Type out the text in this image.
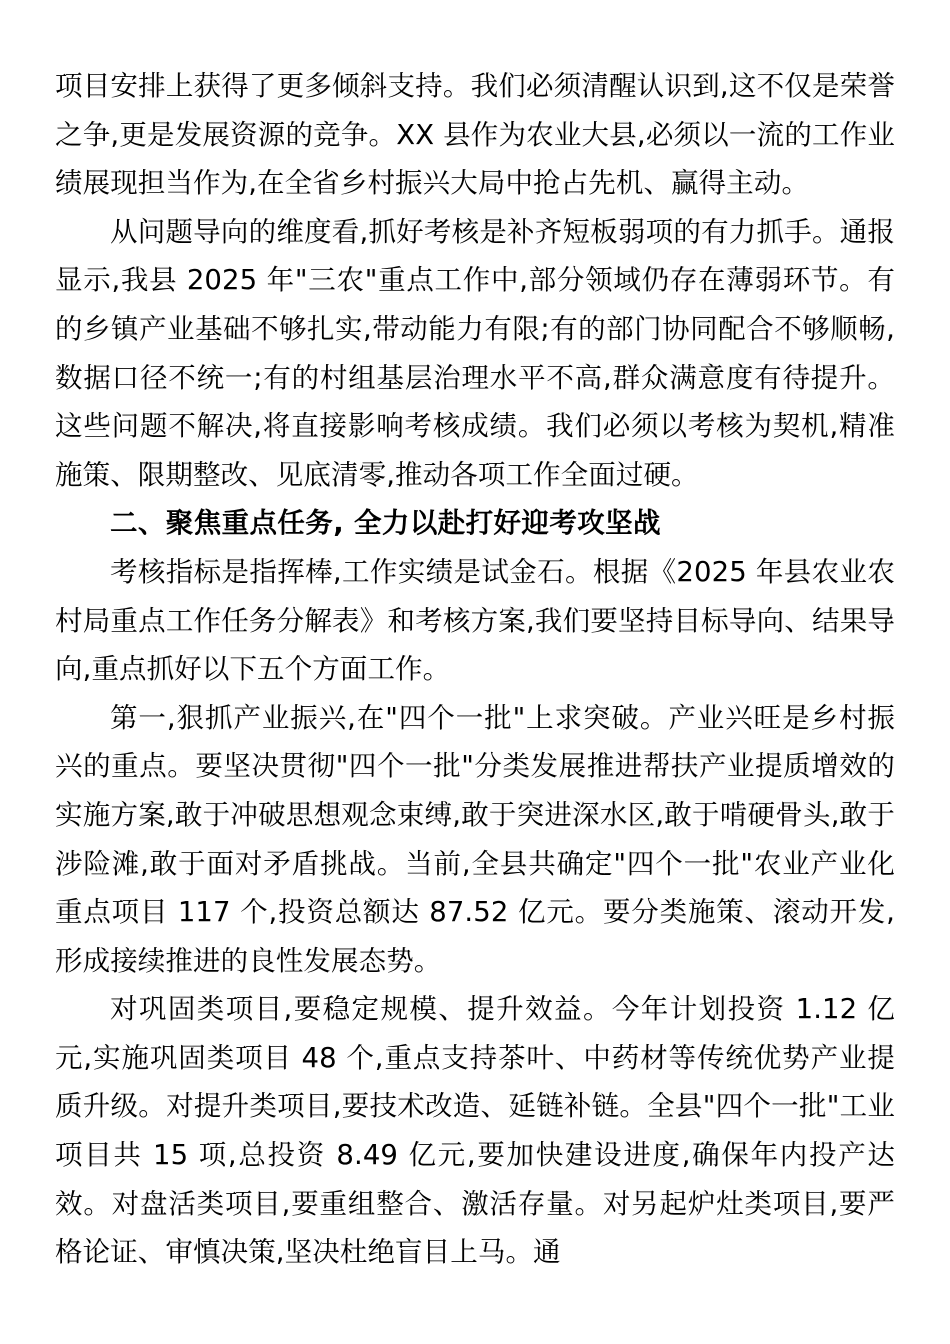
项目安排上获得了更多倾斜支持。我们必须清醒认识到,这不仅是荣誉之争,更是发展资源的竞争。XX 县作为农业大县,必须以一流的工作业绩展现担当作为,在全省乡村振兴大局中抢占先机、赢得主动。

从问题导向的维度看,抓好考核是补齐短板弱项的有力抓手。通报显示,我县 2025 年"三农"重点工作中,部分领域仍存在薄弱环节。有的乡镇产业基础不够扎实,带动能力有限;有的部门协同配合不够顺畅,数据口径不统一;有的村组基层治理水平不高,群众满意度有待提升。这些问题不解决,将直接影响考核成绩。我们必须以考核为契机,精准施策、限期整改、见底清零,推动各项工作全面过硬。

二、聚焦重点任务, 全力以赴打好迎考攻坚战

考核指标是指挥棒,工作实绩是试金石。根据《2025 年县农业农村局重点工作任务分解表》和考核方案,我们要坚持目标导向、结果导向,重点抓好以下五个方面工作。

第一,狠抓产业振兴,在"四个一批"上求突破。产业兴旺是乡村振兴的重点。要坚决贯彻"四个一批"分类发展推进帮扶产业提质增效的实施方案,敢于冲破思想观念束缚,敢于突进深水区,敢于啃硬骨头,敢于涉险滩,敢于面对矛盾挑战。当前,全县共确定"四个一批"农业产业化重点项目 117 个,投资总额达 87.52 亿元。要分类施策、滚动开发,形成接续推进的良性发展态势。

对巩固类项目,要稳定规模、提升效益。今年计划投资 1.12 亿元,实施巩固类项目 48 个,重点支持茶叶、中药材等传统优势产业提质升级。对提升类项目,要技术改造、延链补链。全县"四个一批"工业项目共 15 项,总投资 8.49 亿元,要加快建设进度,确保年内投产达效。对盘活类项目,要重组整合、激活存量。对另起炉灶类项目,要严格论证、审慎决策,坚决杜绝盲目上马。通
